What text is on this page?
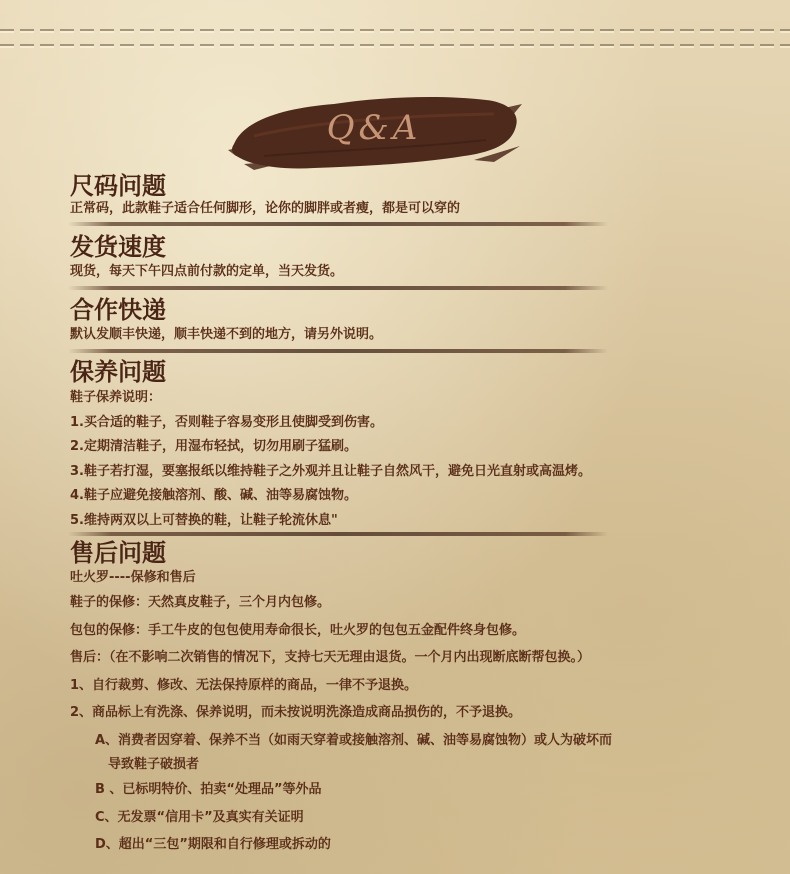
Q&A
尺码问题
正常码，此款鞋子适合任何脚形，论你的脚胖或者瘦，都是可以穿的
发货速度
现货，每天下午四点前付款的定单，当天发货。
合作快递
默认发顺丰快递，顺丰快递不到的地方，请另外说明。
保养问题
鞋子保养说明：
1.买合适的鞋子，否则鞋子容易变形且使脚受到伤害。
2.定期清洁鞋子，用湿布轻拭，切勿用刷子猛刷。
3.鞋子若打湿，要塞报纸以维持鞋子之外观并且让鞋子自然风干，避免日光直射或高温烤。
4.鞋子应避免接触溶剂、酸、碱、油等易腐蚀物。
5.维持两双以上可替换的鞋，让鞋子轮流休息"
售后问题
吐火罗----保修和售后
鞋子的保修：天然真皮鞋子，三个月内包修。
包包的保修：手工牛皮的包包使用寿命很长，吐火罗的包包五金配件终身包修。
售后：（在不影响二次销售的情况下，支持七天无理由退货。一个月内出现断底断帮包换。）
1、自行裁剪、修改、无法保持原样的商品，一律不予退换。
2、商品标上有洗涤、保养说明，而未按说明洗涤造成商品损伤的，不予退换。
A、消费者因穿着、保养不当（如雨天穿着或接触溶剂、碱、油等易腐蚀物）或人为破坏而
导致鞋子破损者
B 、已标明特价、拍卖“处理品”等外品
C、无发票“信用卡”及真实有关证明
D、超出“三包”期限和自行修理或拆动的
